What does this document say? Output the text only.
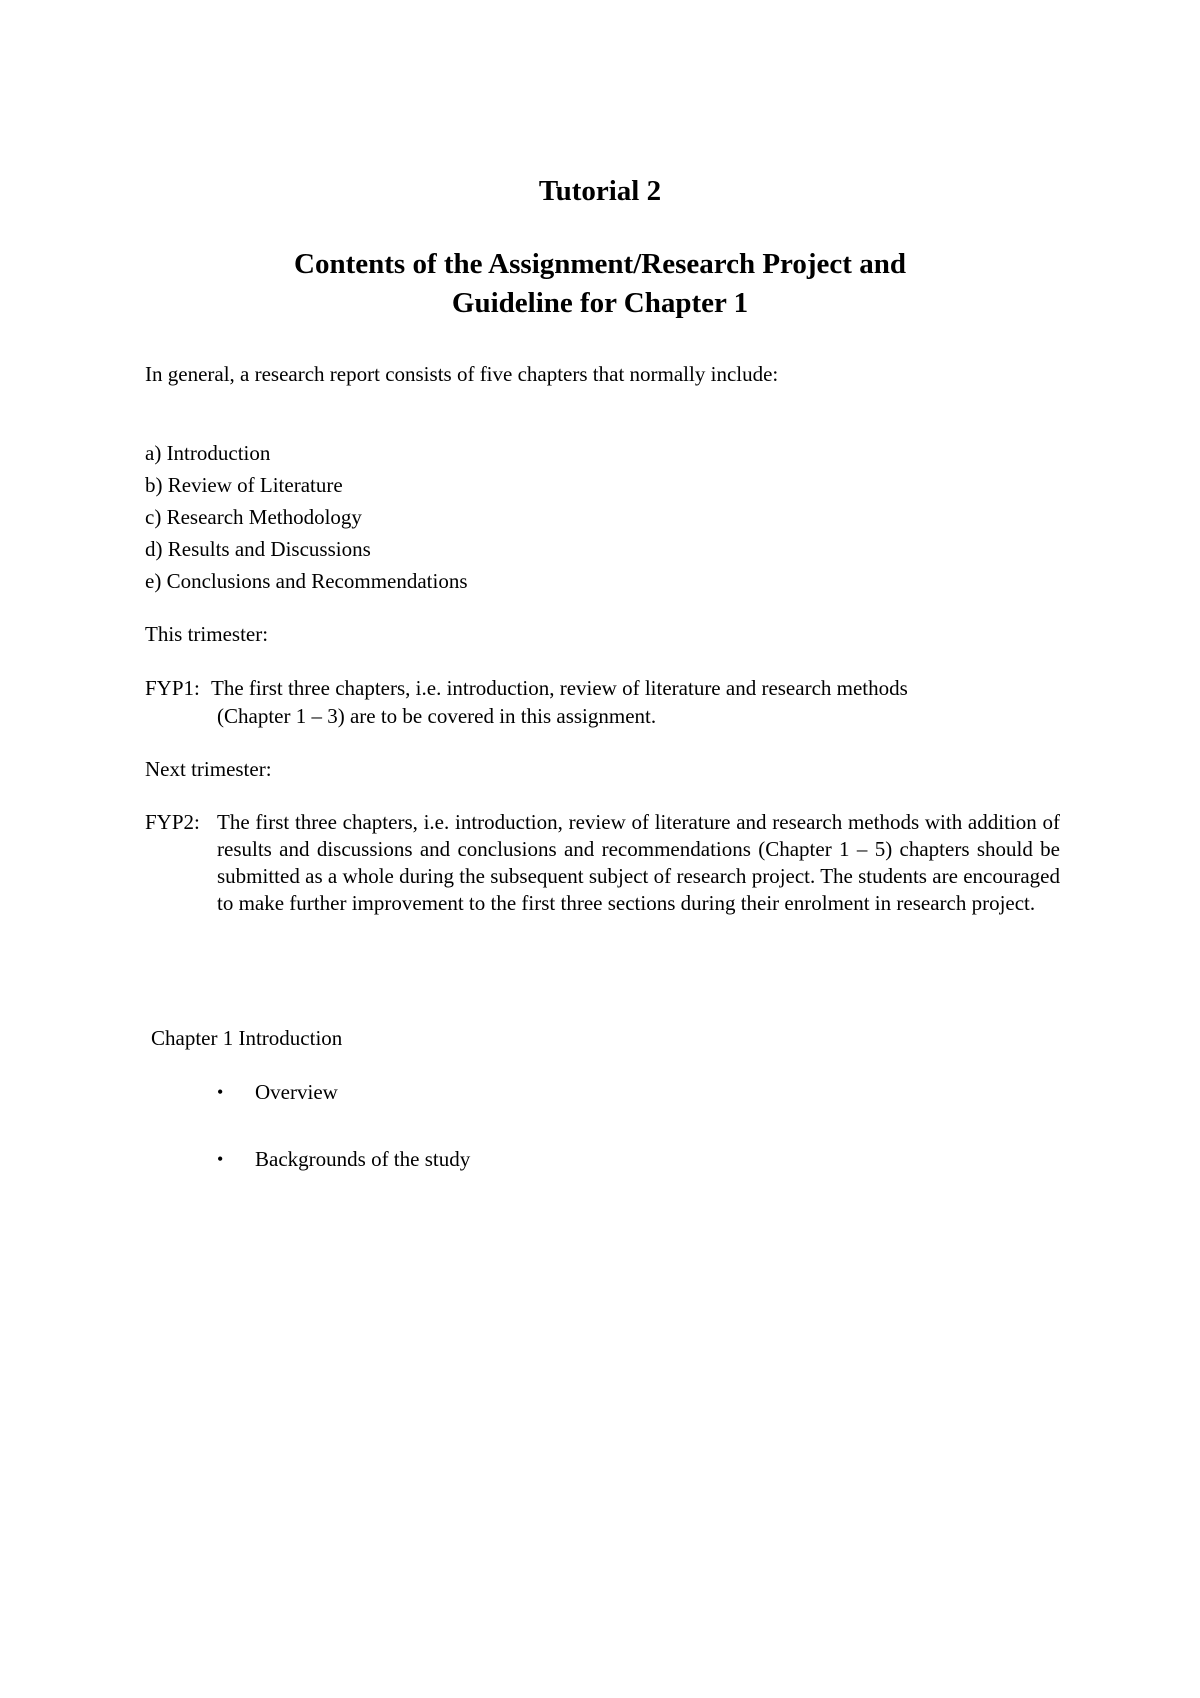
Tutorial 2
Contents of the Assignment/Research Project and
Guideline for Chapter 1
In general, a research report consists of five chapters that normally include:
a) Introduction
b) Review of Literature
c) Research Methodology
d) Results and Discussions
e) Conclusions and Recommendations
This trimester:
FYP1: The first three chapters, i.e. introduction, review of literature and research methods
(Chapter 1 – 3) are to be covered in this assignment.
Next trimester:
FYP2: The first three chapters, i.e. introduction, review of literature and research methods with addition of results and discussions and conclusions and recommendations (Chapter 1 – 5) chapters should be submitted as a whole during the subsequent subject of research project. The students are encouraged to make further improvement to the first three sections during their enrolment in research project.
Chapter 1 Introduction
• Overview
• Backgrounds of the study
